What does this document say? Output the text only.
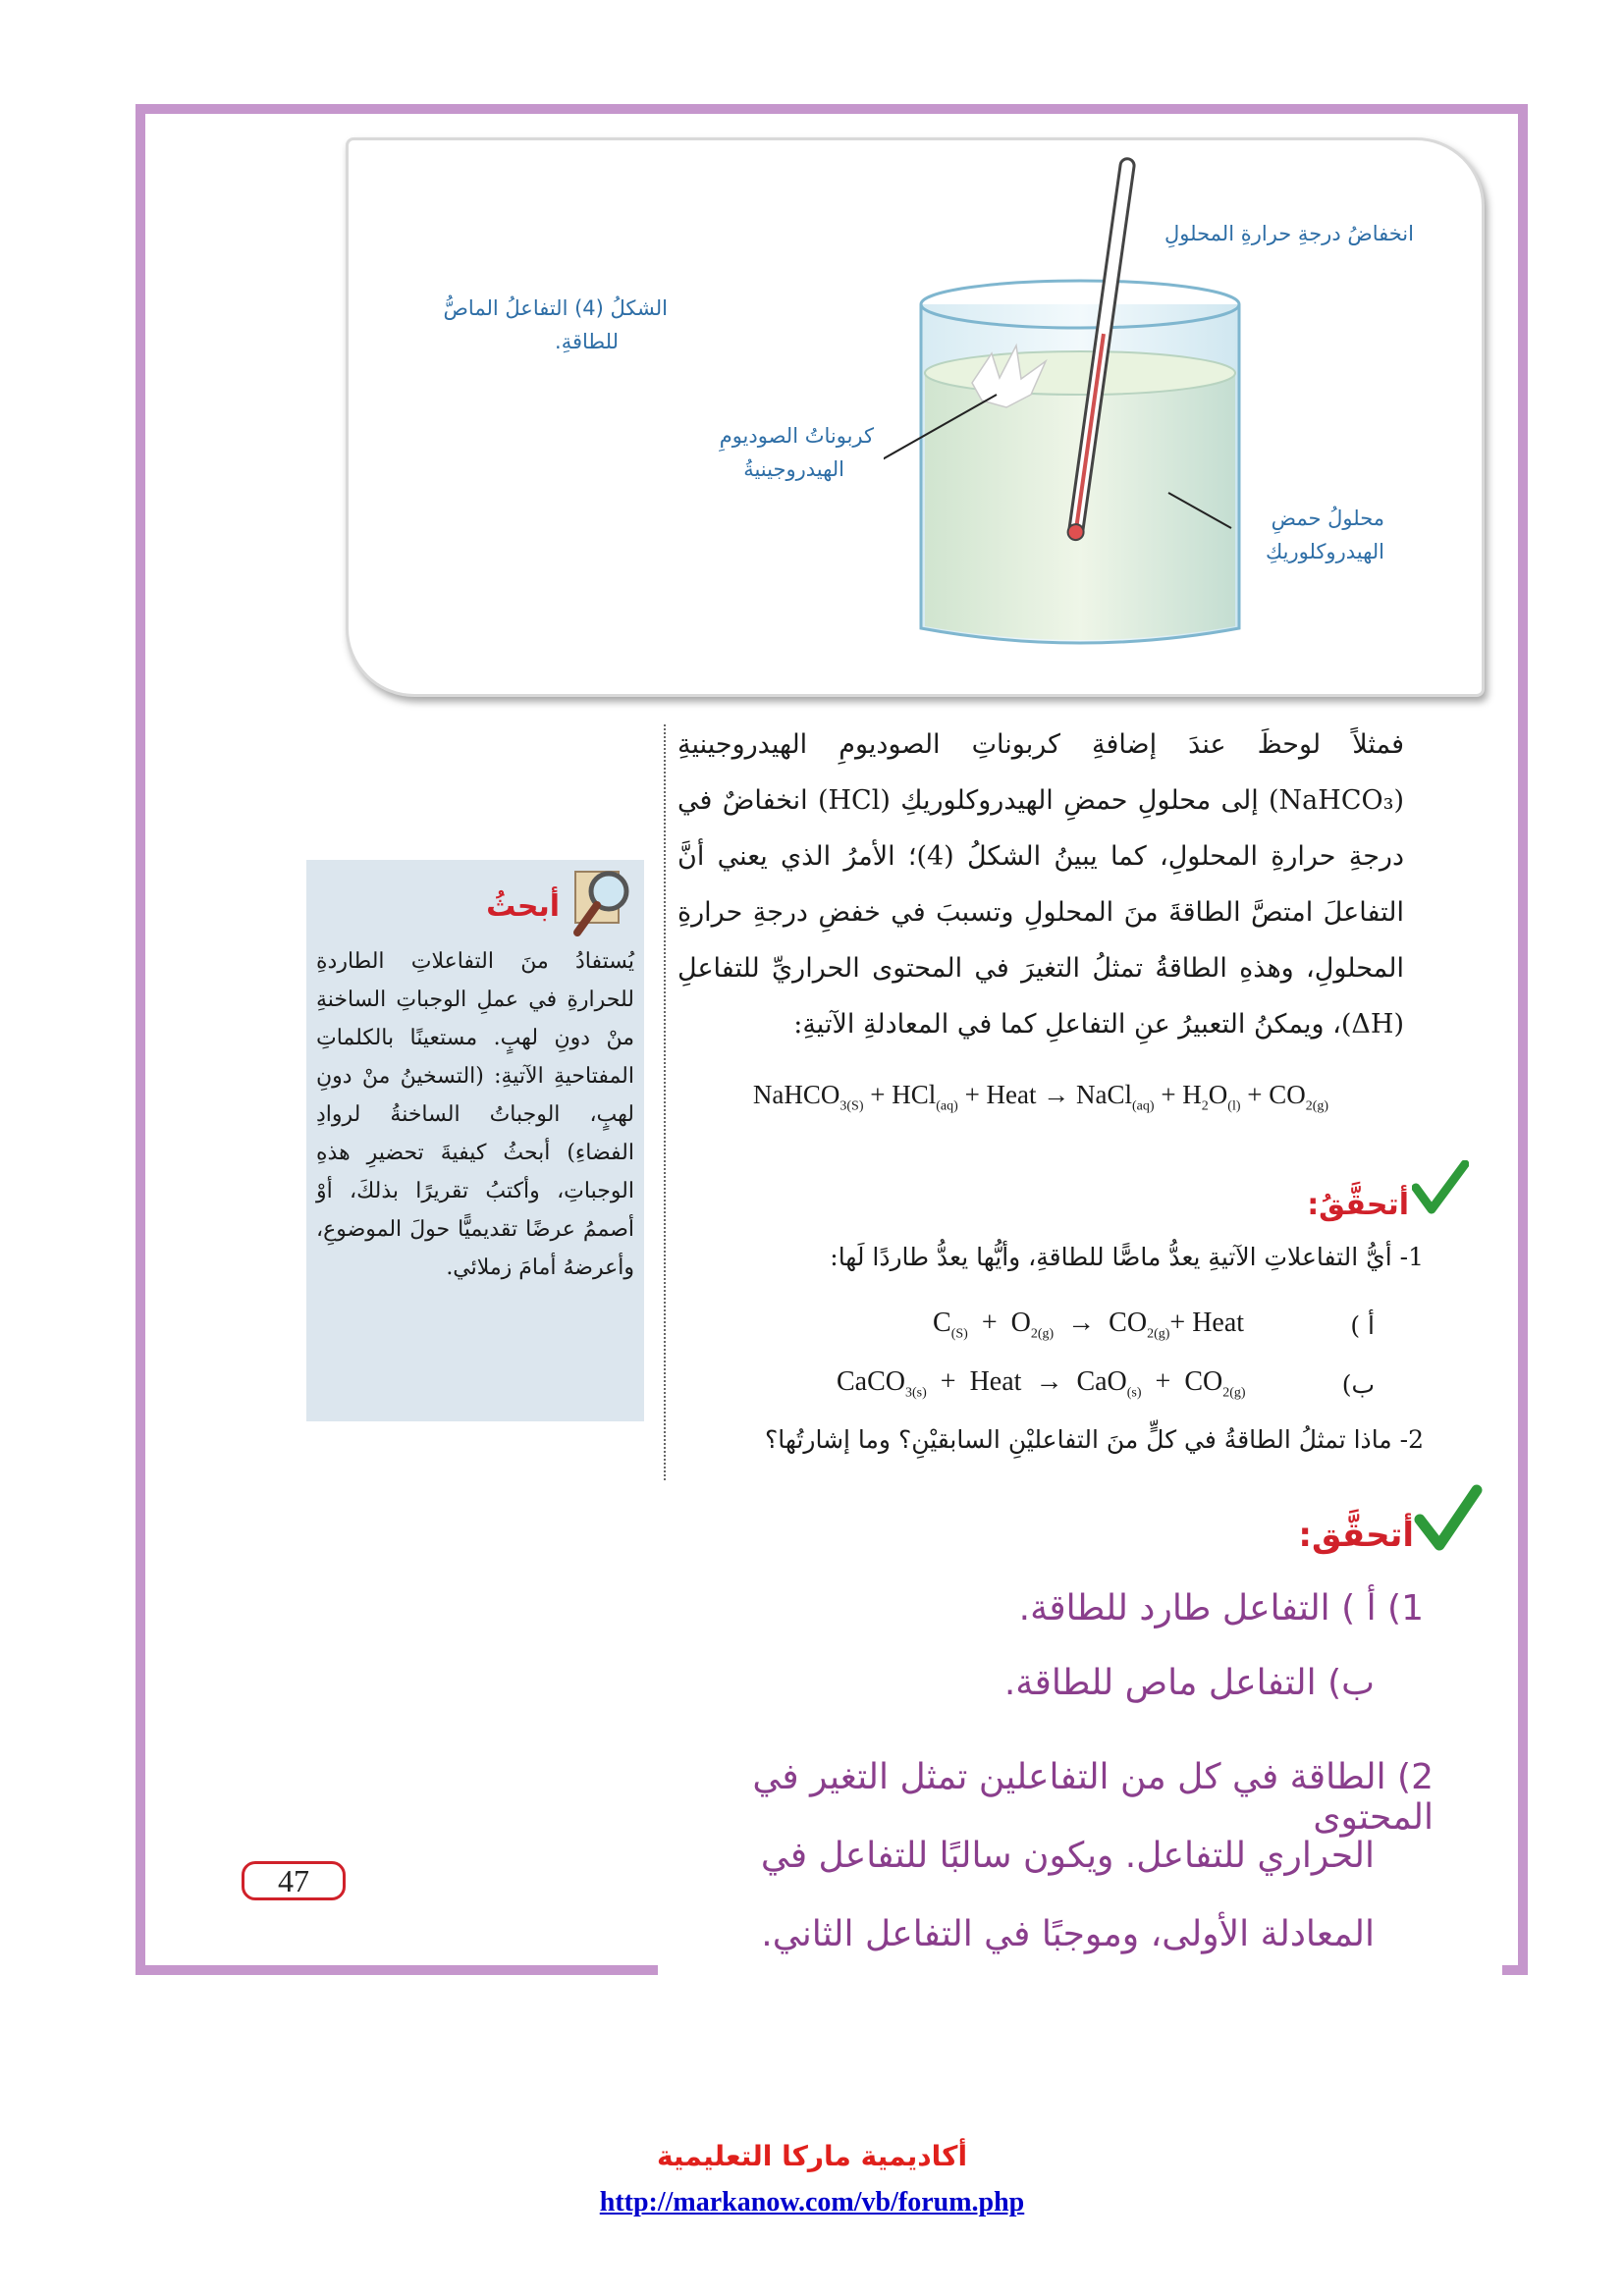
انخفاضُ درجةِ حرارةِ المحلولِ
الشكلُ (4) التفاعلُ الماصُّ
للطاقةِ.
كربوناتُ الصوديومِ
الهيدروجينيةُ
محلولُ حمضِ
الهيدروكلوريكِ
فمثلاً لوحظَ عندَ إضافةِ كربوناتِ الصوديومِ الهيدروجينيةِ (NaHCO₃) إلى محلولِ حمضِ الهيدروكلوريكِ (HCl) انخفاضٌ في درجةِ حرارةِ المحلولِ، كما يبينُ الشكلُ (4)؛ الأمرُ الذي يعني أنَّ التفاعلَ امتصَّ الطاقةَ منَ المحلولِ وتسببَ في خفضِ درجةِ حرارةِ المحلولِ، وهذهِ الطاقةُ تمثلُ التغيرَ في المحتوى الحراريِّ للتفاعلِ (ΔH)، ويمكنُ التعبيرُ عنِ التفاعلِ كما في المعادلةِ الآتيةِ:
NaHCO$_{3(S)}$ + HCl$_{(aq)}$ + Heat → NaCl$_{(aq)}$ + $H_2O_{(l)} + CO_{2(g)}$
أبحثُ
يُستفادُ منَ التفاعلاتِ الطاردةِ للحرارةِ في عملِ الوجباتِ الساخنةِ منْ دونِ لهبٍ. مستعينًا بالكلماتِ المفتاحيةِ الآتيةِ: (التسخينُ منْ دونِ لهبٍ، الوجباتُ الساخنةُ لروادِ الفضاءِ) أبحثُ كيفيةَ تحضيرِ هذهِ الوجباتِ، وأكتبُ تقريرًا بذلكَ، أوْ أصممُ عرضًا تقديميًّا حولَ الموضوعِ، وأعرضهُ أمامَ زملائي.
أتحقَّقُ:
1- أيُّ التفاعلاتِ الآتيةِ يعدُّ ماصًّا للطاقةِ، وأيُّها يعدُّ طاردًا لَها:
$C_{(S)} + O_{2(g)} \to CO_{2(g)}+$ Heat	أ )
CaCO$_{3(s)}$ + Heat → $CaO_{(s)} + CO_{2(g)}$	ب)
2- ماذا تمثلُ الطاقةُ في كلٍّ منَ التفاعليْنِ السابقيْنِ؟ وما إشارتُها؟
أتحقَّق:
1) أ ) التفاعل طارد للطاقة.
ب) التفاعل ماص للطاقة.
2) الطاقة في كل من التفاعلين تمثل التغير في المحتوى
الحراري للتفاعل. ويكون سالبًا للتفاعل في
المعادلة الأولى، وموجبًا في التفاعل الثاني.
47
أكاديمية ماركا التعليمية
http://markanow.com/vb/forum.php
